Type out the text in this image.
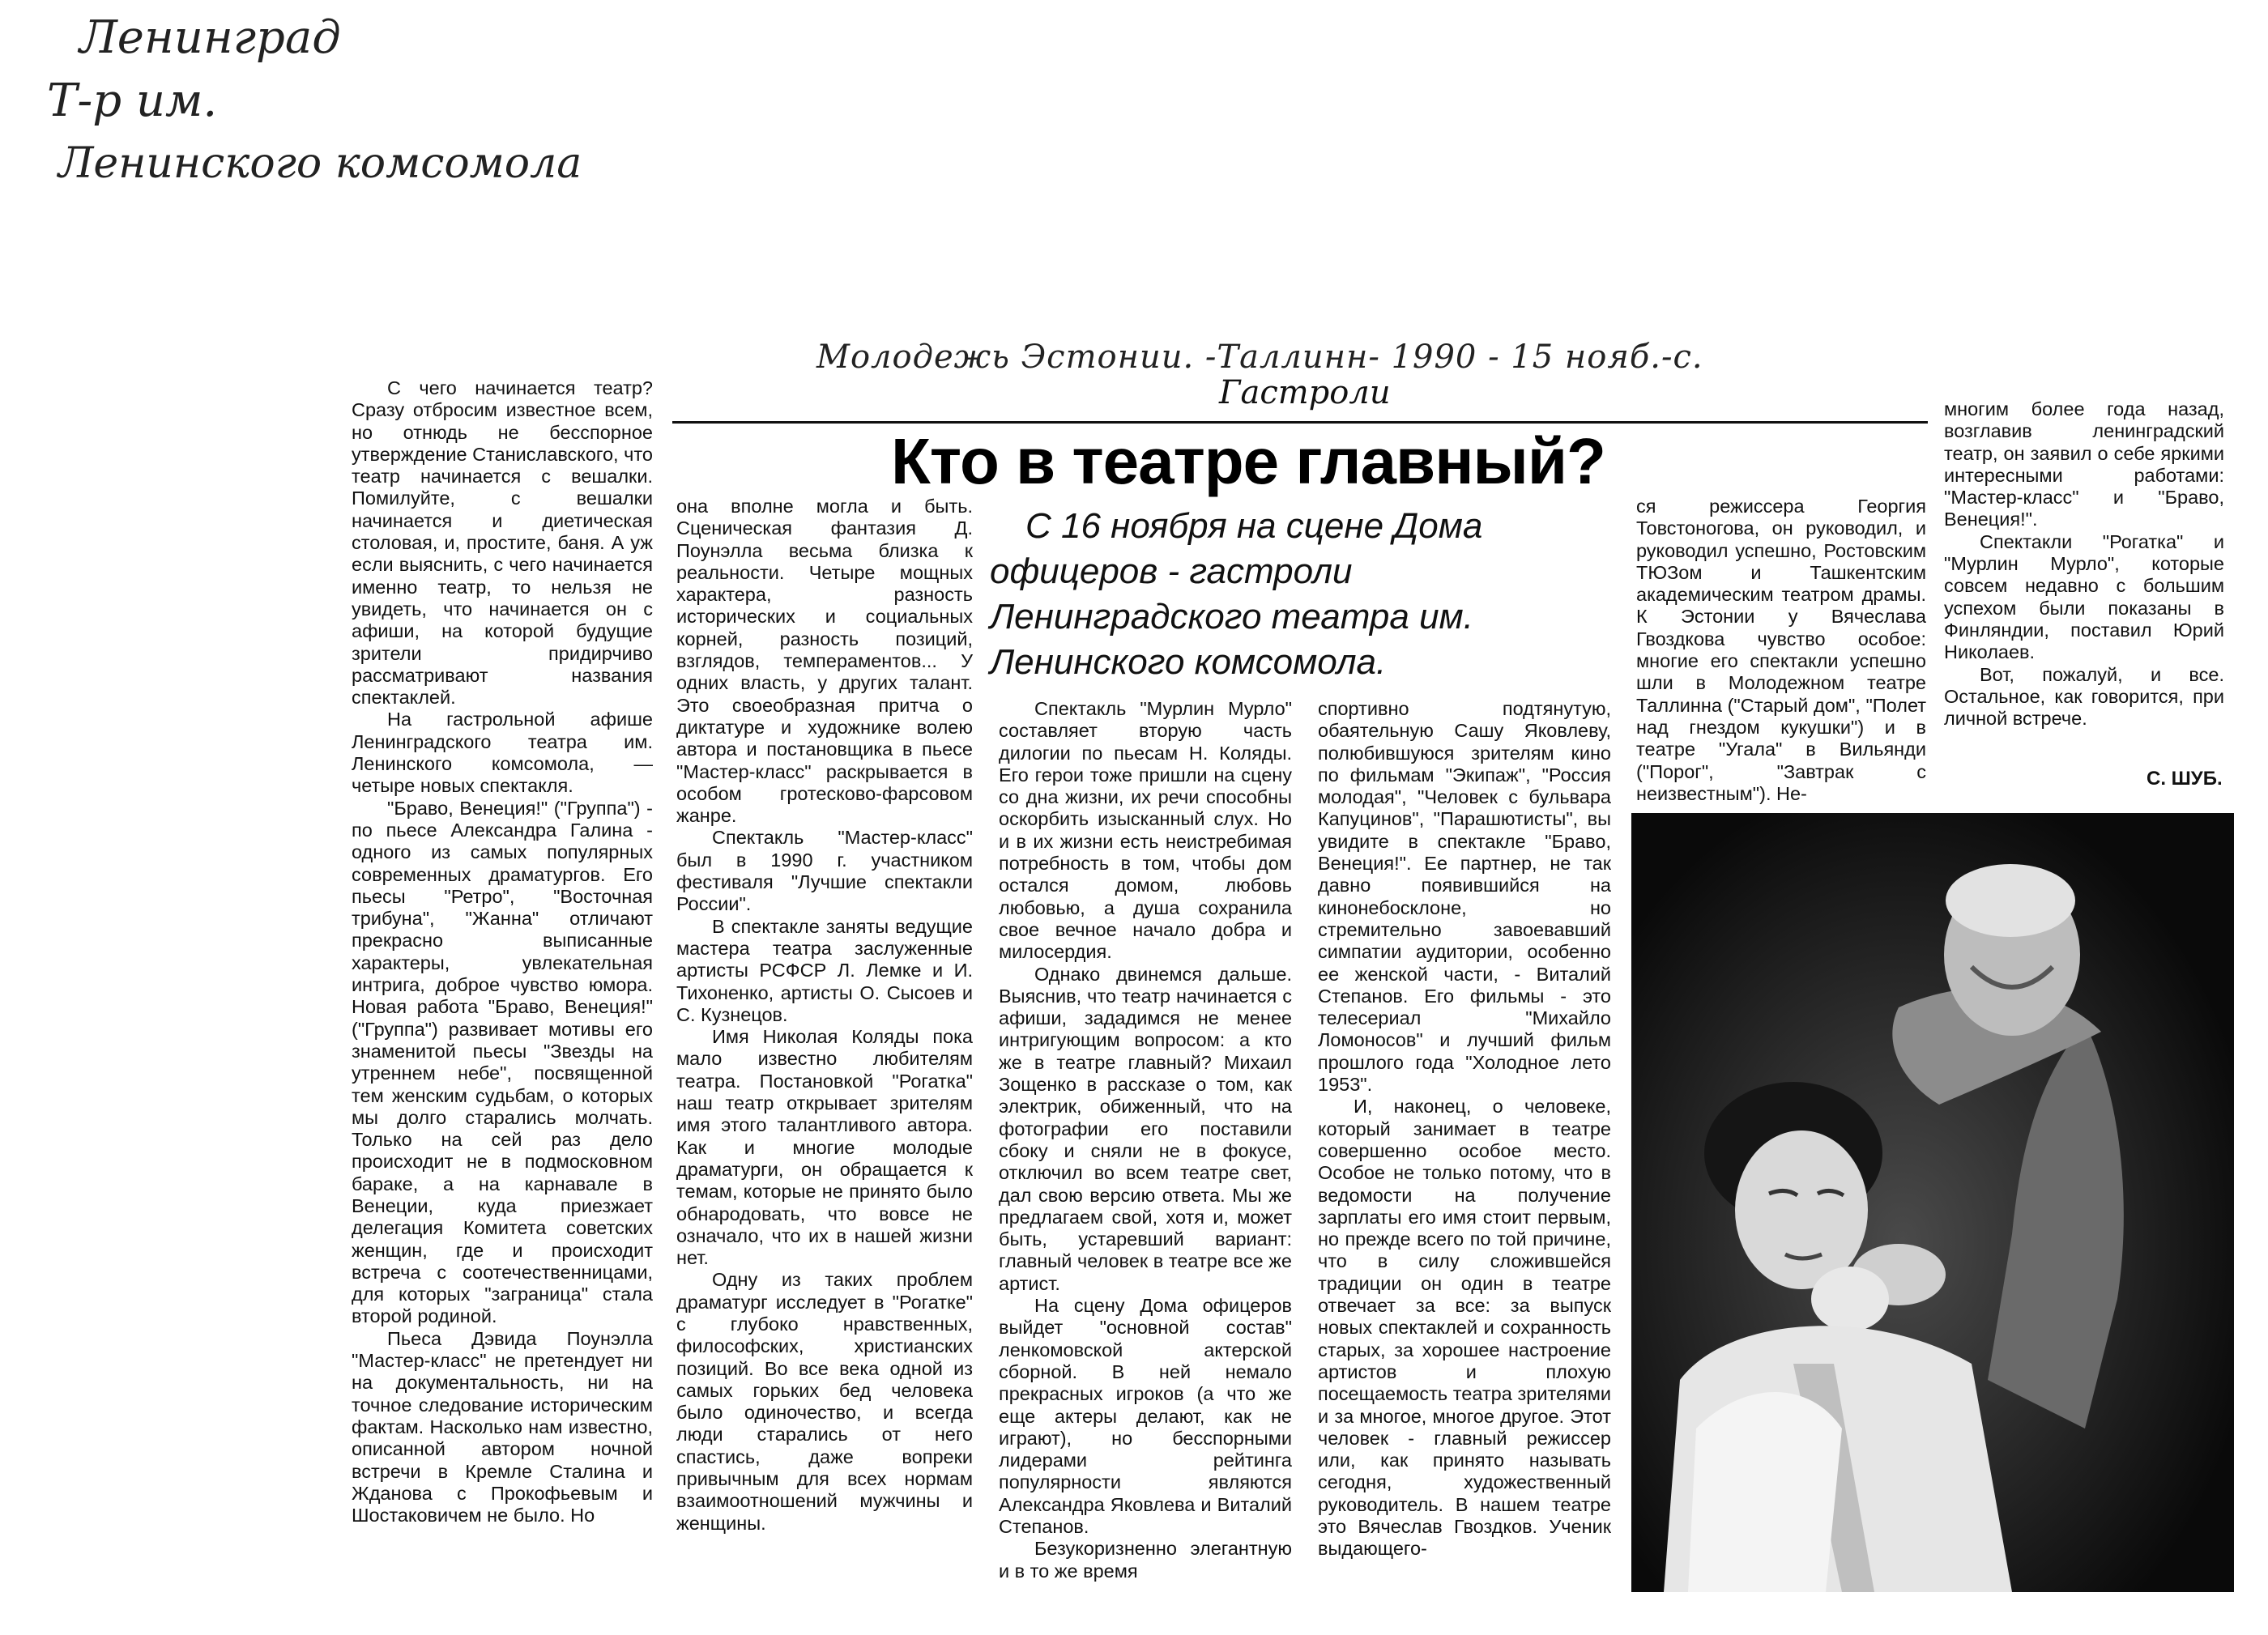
Ленинград
Т-р им.
Ленинского комсомола
Молодежь Эстонии. -Таллинн- 1990 - 15 нояб.-с.
Гастроли
Кто в театре главный?
С 16 ноября на сцене Дома офицеров - гастроли Ленинградского театра им. Ленинского комсомола.

С чего начинается театр? Сразу отбросим известное всем, но отнюдь не бесспорное утверждение Станиславского, что театр начинается с вешалки. Помилуйте, с вешалки начинается и диетическая столовая, и, простите, баня. А уж если выяснить, с чего начинается именно театр, то нельзя не увидеть, что начинается он с афиши, на которой будущие зрители придирчиво рассматривают названия спектаклей.

На гастрольной афише Ленинградского театра им. Ленинского комсомола, — четыре новых спектакля.

"Браво, Венеция!" ("Группа") - по пьесе Александра Галина - одного из самых популярных современных драматургов. Его пьесы "Ретро", "Восточная трибуна", "Жанна" отличают прекрасно выписанные характеры, увлекательная интрига, доброе чувство юмора. Новая работа "Браво, Венеция!" ("Группа") развивает мотивы его знаменитой пьесы "Звезды на утреннем небе", посвященной тем женским судьбам, о которых мы долго старались молчать. Только на сей раз дело происходит не в подмосковном бараке, а на карнавале в Венеции, куда приезжает делегация Комитета советских женщин, где и происходит встреча с соотечественницами, для которых "заграница" стала второй родиной.

Пьеса Дэвида Поунэлла "Мастер-класс" не претендует ни на документальность, ни на точное следование историческим фактам. Насколько нам известно, описанной автором ночной встречи в Кремле Сталина и Жданова с Прокофьевым и Шостаковичем не было. Но

она вполне могла и быть. Сценическая фантазия Д. Поунэлла весьма близка к реальности. Четыре мощных характера, разность исторических и социальных корней, разность позиций, взглядов, темпераментов... У одних власть, у других талант. Это своеобразная притча о диктатуре и художнике волею автора и постановщика в пьесе "Мастер-класс" раскрывается в особом гротесково-фарсовом жанре.

Спектакль "Мастер-класс" был в 1990 г. участником фестиваля "Лучшие спектакли России".

В спектакле заняты ведущие мастера театра заслуженные артисты РСФСР Л. Лемке и И. Тихоненко, артисты О. Сысоев и С. Кузнецов.

Имя Николая Коляды пока мало известно любителям театра. Постановкой "Рогатка" наш театр открывает зрителям имя этого талантливого автора. Как и многие молодые драматурги, он обращается к темам, которые не принято было обнародовать, что вовсе не означало, что их в нашей жизни нет.

Одну из таких проблем драматург исследует в "Рогатке" с глубоко нравственных, философских, христианских позиций. Во все века одной из самых горьких бед человека было одиночество, и всегда люди старались от него спастись, даже вопреки привычным для всех нормам взаимоотношений мужчины и женщины.

Спектакль "Мурлин Мурло" составляет вторую часть дилогии по пьесам Н. Коляды. Его герои тоже пришли на сцену со дна жизни, их речи способны оскорбить изысканный слух. Но и в их жизни есть неистребимая потребность в том, чтобы дом остался домом, любовь любовью, а душа сохранила свое вечное начало добра и милосердия.

Однако двинемся дальше. Выяснив, что театр начинается с афиши, зададимся не менее интригующим вопросом: а кто же в театре главный? Михаил Зощенко в рассказе о том, как электрик, обиженный, что на фотографии его поставили сбоку и сняли не в фокусе, отключил во всем театре свет, дал свою версию ответа. Мы же предлагаем свой, хотя и, может быть, устаревший вариант: главный человек в театре все же артист.

На сцену Дома офицеров выйдет "основной состав" ленкомовской актерской сборной. В ней немало прекрасных игроков (а что же еще актеры делают, как не играют), но бесспорными лидерами рейтинга популярности являются Александра Яковлева и Виталий Степанов.

Безукоризненно элегантную и в то же время

спортивно подтянутую, обаятельную Сашу Яковлеву, полюбившуюся зрителям кино по фильмам "Экипаж", "Россия молодая", "Человек с бульвара Капуцинов", "Парашютисты", вы увидите в спектакле "Браво, Венеция!". Ее партнер, не так давно появившийся на кинонебосклоне, но стремительно завоевавший симпатии аудитории, особенно ее женской части, - Виталий Степанов. Его фильмы - это телесериал "Михайло Ломоносов" и лучший фильм прошлого года "Холодное лето 1953".

И, наконец, о человеке, который занимает в театре совершенно особое место. Особое не только потому, что в ведомости на получение зарплаты его имя стоит первым, но прежде всего по той причине, что в силу сложившейся традиции он один в театре отвечает за все: за выпуск новых спектаклей и сохранность старых, за хорошее настроение артистов и плохую посещаемость театра зрителями и за многое, многое другое. Этот человек - главный режиссер или, как принято называть сегодня, художественный руководитель. В нашем театре это Вячеслав Гвоздков. Ученик выдающего-

ся режиссера Георгия Товстоногова, он руководил, и руководил успешно, Ростовским ТЮЗом и Ташкентским академическим театром драмы. К Эстонии у Вячеслава Гвоздкова чувство особое: многие его спектакли успешно шли в Молодежном театре Таллинна ("Старый дом", "Полет над гнездом кукушки") и в театре "Угала" в Вильянди ("Порог", "Завтрак с неизвестным"). Не-

многим более года назад, возглавив ленинградский театр, он заявил о себе яркими интересными работами: "Мастер-класс" и "Браво, Венеция!".

Спектакли "Рогатка" и "Мурлин Мурло", которые совсем недавно с большим успехом были показаны в Финляндии, поставил Юрий Николаев.

Вот, пожалуй, и все. Остальное, как говорится, при личной встрече.

С. ШУБ.
